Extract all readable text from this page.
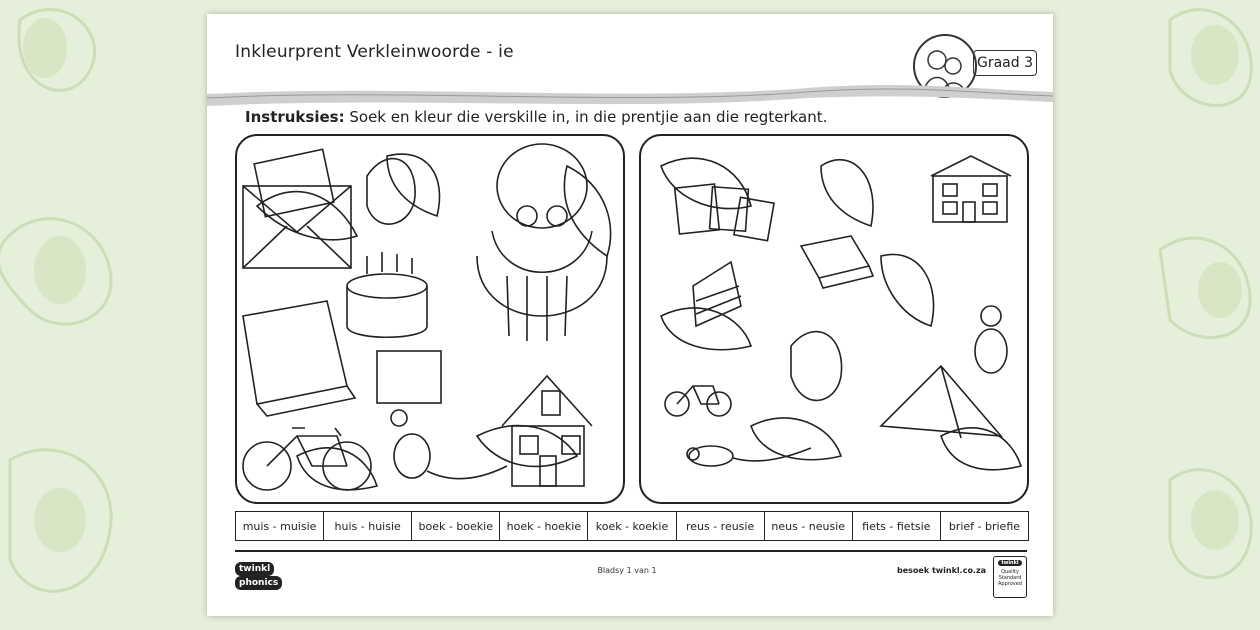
Inkleurprent Verkleinwoorde - ie
Graad 3
Instruksies: Soek en kleur die verskille in, in die prentjie aan die regterkant.
muis - muisie	huis - huisie	boek - boekie	hoek - hoekie	koek - koekie	reus - reusie	neus - neusie	fiets - fietsie	brief - briefie
twinkl
phonics
Bladsy 1 van 1	besoek twinkl.co.za
twinkl
Quality Standard Approved
